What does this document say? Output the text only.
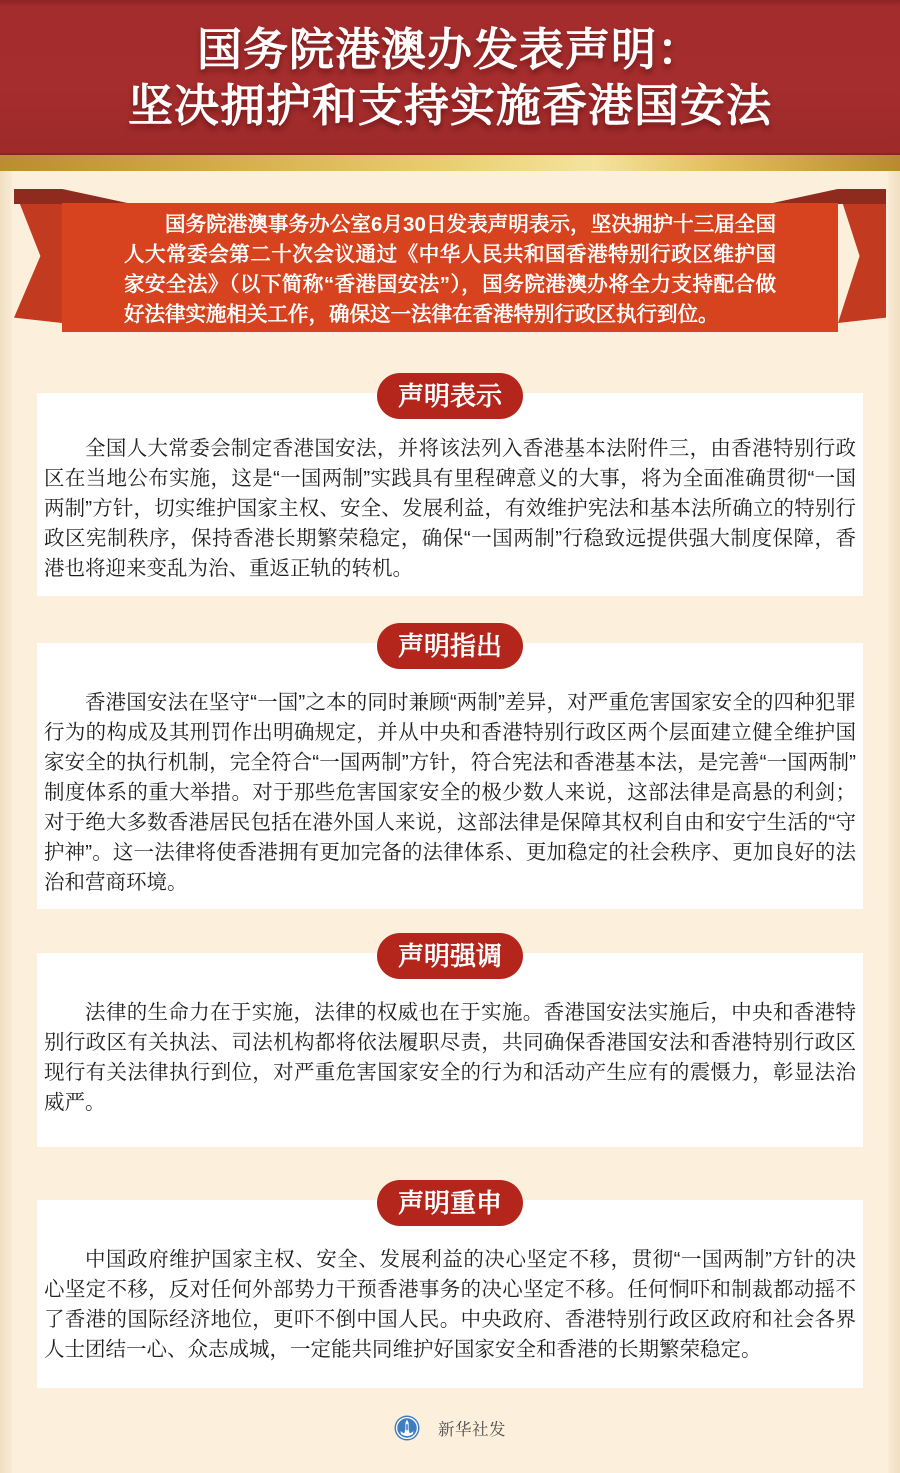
国务院港澳办发表声明：
坚决拥护和支持实施香港国安法
国务院港澳事务办公室6月30日发表声明表示，坚决拥护十三届全国人大常委会第二十次会议通过《中华人民共和国香港特别行政区维护国家安全法》（以下简称“香港国安法”），国务院港澳办将全力支持配合做好法律实施相关工作，确保这一法律在香港特别行政区执行到位。
声明表示
全国人大常委会制定香港国安法，并将该法列入香港基本法附件三，由香港特别行政区在当地公布实施，这是“一国两制”实践具有里程碑意义的大事，将为全面准确贯彻“一国两制”方针，切实维护国家主权、安全、发展利益，有效维护宪法和基本法所确立的特别行政区宪制秩序，保持香港长期繁荣稳定，确保“一国两制”行稳致远提供强大制度保障，香港也将迎来变乱为治、重返正轨的转机。
声明指出
香港国安法在坚守“一国”之本的同时兼顾“两制”差异，对严重危害国家安全的四种犯罪行为的构成及其刑罚作出明确规定，并从中央和香港特别行政区两个层面建立健全维护国家安全的执行机制，完全符合“一国两制”方针，符合宪法和香港基本法，是完善“一国两制”制度体系的重大举措。对于那些危害国家安全的极少数人来说，这部法律是高悬的利剑；对于绝大多数香港居民包括在港外国人来说，这部法律是保障其权利自由和安宁生活的“守护神”。这一法律将使香港拥有更加完备的法律体系、更加稳定的社会秩序、更加良好的法治和营商环境。
声明强调
法律的生命力在于实施，法律的权威也在于实施。香港国安法实施后，中央和香港特别行政区有关执法、司法机构都将依法履职尽责，共同确保香港国安法和香港特别行政区现行有关法律执行到位，对严重危害国家安全的行为和活动产生应有的震慑力，彰显法治威严。
声明重申
中国政府维护国家主权、安全、发展利益的决心坚定不移，贯彻“一国两制”方针的决心坚定不移，反对任何外部势力干预香港事务的决心坚定不移。任何恫吓和制裁都动摇不了香港的国际经济地位，更吓不倒中国人民。中央政府、香港特别行政区政府和社会各界人士团结一心、众志成城，一定能共同维护好国家安全和香港的长期繁荣稳定。
新华社发
